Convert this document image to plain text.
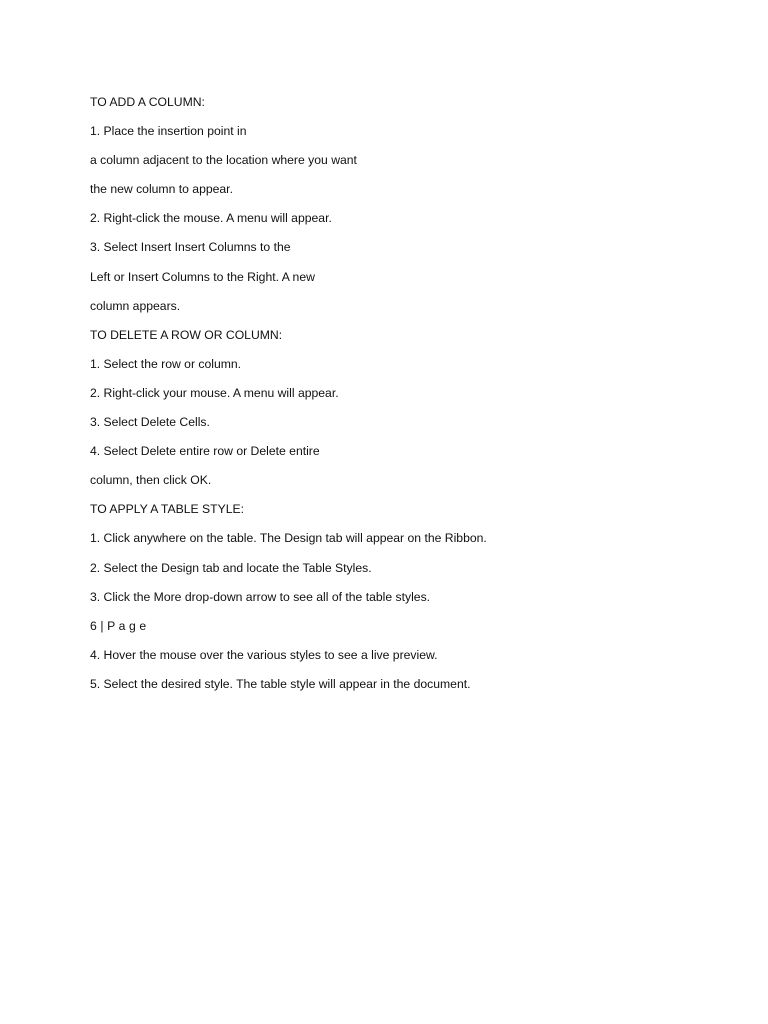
TO ADD A COLUMN:
1. Place the insertion point in
a column adjacent to the location where you want
the new column to appear.
2. Right-click the mouse. A menu will appear.
3. Select Insert Insert Columns to the
Left or Insert Columns to the Right. A new
column appears.
TO DELETE A ROW OR COLUMN:
1. Select the row or column.
2. Right-click your mouse. A menu will appear.
3. Select Delete Cells.
4. Select Delete entire row or Delete entire
column, then click OK.
TO APPLY A TABLE STYLE:
1. Click anywhere on the table. The Design tab will appear on the Ribbon.
2. Select the Design tab and locate the Table Styles.
3. Click the More drop-down arrow to see all of the table styles.
6 | P a g e
4. Hover the mouse over the various styles to see a live preview.
5. Select the desired style. The table style will appear in the document.
